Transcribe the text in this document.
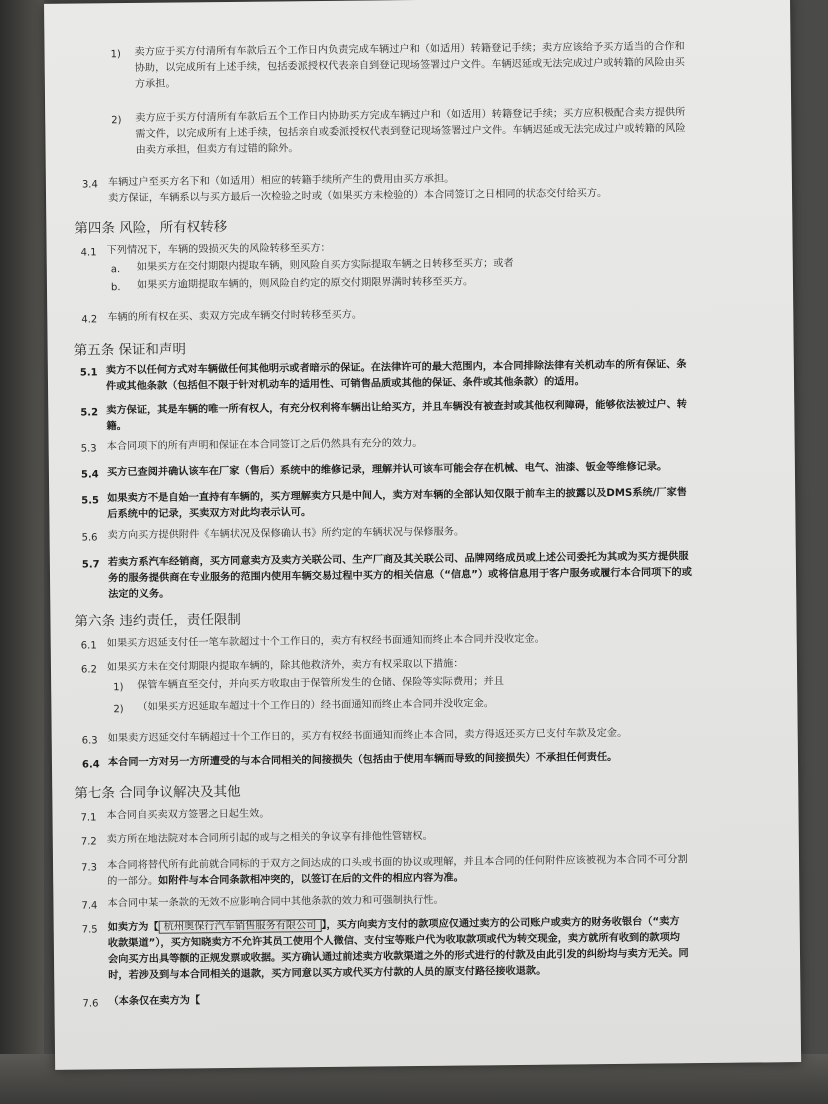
1) 卖方应于买方付清所有车款后五个工作日内负责完成车辆过户和（如适用）转籍登记手续；卖方应该给予买方适当的合作和
协助，以完成所有上述手续，包括委派授权代表亲自到登记现场签署过户文件。车辆迟延或无法完成过户或转籍的风险由买
方承担。
2) 卖方应于买方付清所有车款后五个工作日内协助买方完成车辆过户和（如适用）转籍登记手续；买方应积极配合卖方提供所
需文件，以完成所有上述手续，包括亲自或委派授权代表到登记现场签署过户文件。车辆迟延或无法完成过户或转籍的风险
由卖方承担，但卖方有过错的除外。
3.4 车辆过户至买方名下和（如适用）相应的转籍手续所产生的费用由买方承担。
卖方保证，车辆系以与买方最后一次检验之时或（如果买方未检验的）本合同签订之日相同的状态交付给买方。
第四条 风险，所有权转移
4.1 下列情况下，车辆的毁损灭失的风险转移至买方：
a. 如果买方在交付期限内提取车辆，则风险自买方实际提取车辆之日转移至买方；或者
b. 如果买方逾期提取车辆的，则风险自约定的原交付期限界满时转移至买方。
4.2 车辆的所有权在买、卖双方完成车辆交付时转移至买方。
第五条 保证和声明
5.1 卖方不以任何方式对车辆做任何其他明示或者暗示的保证。在法律许可的最大范围内，本合同排除法律有关机动车的所有保证、条
件或其他条款（包括但不限于针对机动车的适用性、可销售品质或其他的保证、条件或其他条款）的适用。
5.2 卖方保证，其是车辆的唯一所有权人，有充分权利将车辆出让给买方，并且车辆没有被查封或其他权利障碍，能够依法被过户、转
籍。
5.3 本合同项下的所有声明和保证在本合同签订之后仍然具有充分的效力。
5.4 买方已查阅并确认该车在厂家（售后）系统中的维修记录，理解并认可该车可能会存在机械、电气、油漆、钣金等维修记录。
5.5 如果卖方不是自始一直持有车辆的，买方理解卖方只是中间人，卖方对车辆的全部认知仅限于前车主的披露以及DMS系统/厂家售
后系统中的记录，买卖双方对此均表示认可。
5.6 卖方向买方提供附件《车辆状况及保修确认书》所约定的车辆状况与保修服务。
5.7 若卖方系汽车经销商，买方同意卖方及卖方关联公司、生产厂商及其关联公司、品牌网络成员或上述公司委托为其或为买方提供服
务的服务提供商在专业服务的范围内使用车辆交易过程中买方的相关信息（“信息”）或将信息用于客户服务或履行本合同项下的或
法定的义务。
第六条 违约责任，责任限制
6.1 如果买方迟延支付任一笔车款超过十个工作日的，卖方有权经书面通知而终止本合同并没收定金。
6.2 如果买方未在交付期限内提取车辆的，除其他救济外，卖方有权采取以下措施：
1) 保管车辆直至交付，并向买方收取由于保管所发生的仓储、保险等实际费用；并且
2) （如果买方迟延取车超过十个工作日的）经书面通知而终止本合同并没收定金。
6.3 如果卖方迟延交付车辆超过十个工作日的，买方有权经书面通知而终止本合同，卖方得返还买方已支付车款及定金。
6.4 本合同一方对另一方所遭受的与本合同相关的间接损失（包括由于使用车辆而导致的间接损失）不承担任何责任。
第七条 合同争议解决及其他
7.1 本合同自买卖双方签署之日起生效。
7.2 卖方所在地法院对本合同所引起的或与之相关的争议享有排他性管辖权。
7.3 本合同将替代所有此前就合同标的于双方之间达成的口头或书面的协议或理解，并且本合同的任何附件应该被视为本合同不可分割
的一部分。如附件与本合同条款相冲突的，以签订在后的文件的相应内容为准。
7.4 本合同中某一条款的无效不应影响合同中其他条款的效力和可强制执行性。
7.5 如卖方为【 杭州奥保行汽车销售服务有限公司 】，买方向卖方支付的款项应仅通过卖方的公司账户或卖方的财务收银台（“卖方
收款渠道”），买方知晓卖方不允许其员工使用个人微信、支付宝等账户代为收取款项或代为转交现金，卖方就所有收到的款项均
会向买方出具等额的正规发票或收据。买方确认通过前述卖方收款渠道之外的形式进行的付款及由此引发的纠纷均与卖方无关。同
时，若涉及到与本合同相关的退款，买方同意以买方或代买方付款的人员的原支付路径接收退款。
7.6 （本条仅在卖方为【
